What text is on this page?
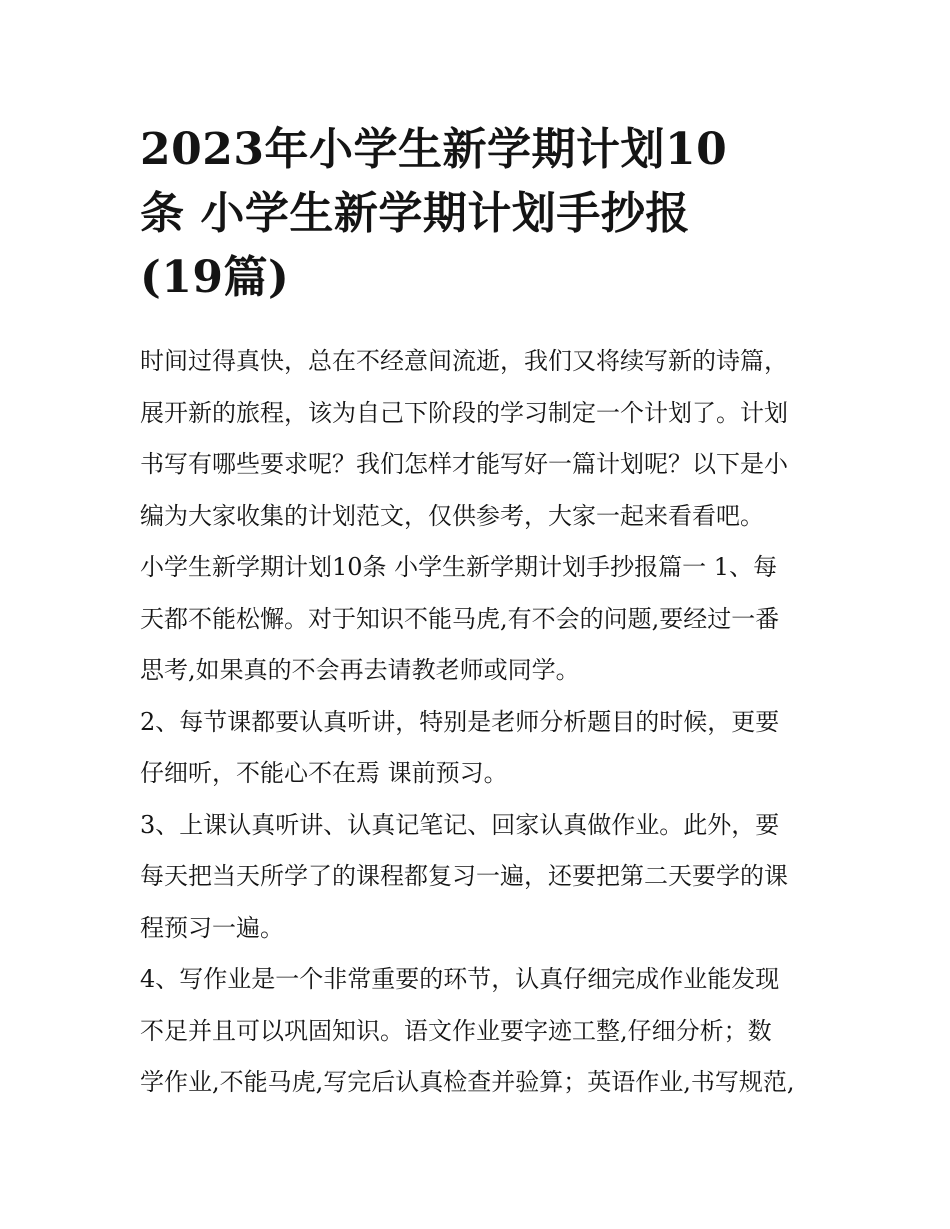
2023年小学生新学期计划10
条 小学生新学期计划手抄报
(19篇)
时间过得真快，总在不经意间流逝，我们又将续写新的诗篇，
展开新的旅程，该为自己下阶段的学习制定一个计划了。计划
书写有哪些要求呢？我们怎样才能写好一篇计划呢？以下是小
编为大家收集的计划范文，仅供参考，大家一起来看看吧。
小学生新学期计划10条 小学生新学期计划手抄报篇一 1、每
天都不能松懈。对于知识不能马虎,有不会的问题,要经过一番
思考,如果真的不会再去请教老师或同学。
2、每节课都要认真听讲，特别是老师分析题目的时候，更要
仔细听，不能心不在焉 课前预习。
3、上课认真听讲、认真记笔记、回家认真做作业。此外，要
每天把当天所学了的课程都复习一遍，还要把第二天要学的课
程预习一遍。
4、写作业是一个非常重要的环节，认真仔细完成作业能发现
不足并且可以巩固知识。语文作业要字迹工整,仔细分析；数
学作业,不能马虎,写完后认真检查并验算；英语作业,书写规范,
